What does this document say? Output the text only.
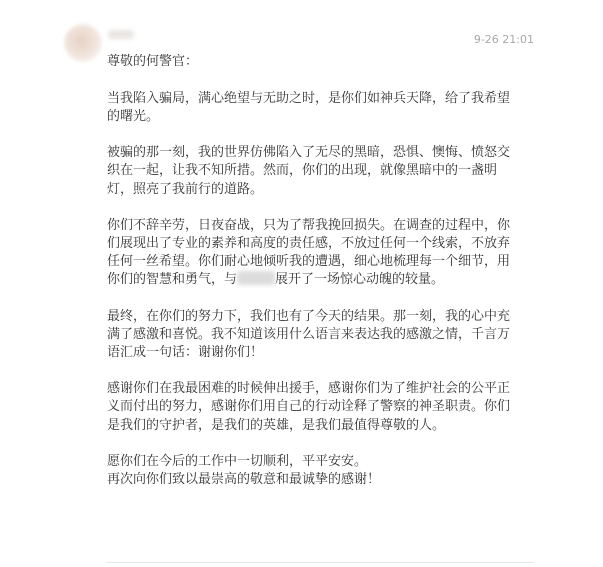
9-26 21:01

尊敬的何警官：

当我陷入骗局，满心绝望与无助之时，是你们如神兵天降，给了我希望的曙光。

被骗的那一刻，我的世界仿佛陷入了无尽的黑暗，恐惧、懊悔、愤怒交织在一起，让我不知所措。然而，你们的出现，就像黑暗中的一盏明灯，照亮了我前行的道路。

你们不辞辛劳，日夜奋战，只为了帮我挽回损失。在调查的过程中，你们展现出了专业的素养和高度的责任感，不放过任何一个线索，不放弃任何一丝希望。你们耐心地倾听我的遭遇，细心地梳理每一个细节，用你们的智慧和勇气，与	展开了一场惊心动魄的较量。

最终，在你们的努力下，我们也有了今天的结果。那一刻，我的心中充满了感激和喜悦。我不知道该用什么语言来表达我的感激之情，千言万语汇成一句话：谢谢你们！

感谢你们在我最困难的时候伸出援手，感谢你们为了维护社会的公平正义而付出的努力，感谢你们用自己的行动诠释了警察的神圣职责。你们是我们的守护者，是我们的英雄，是我们最值得尊敬的人。

愿你们在今后的工作中一切顺利，平平安安。
再次向你们致以最崇高的敬意和最诚挚的感谢！
